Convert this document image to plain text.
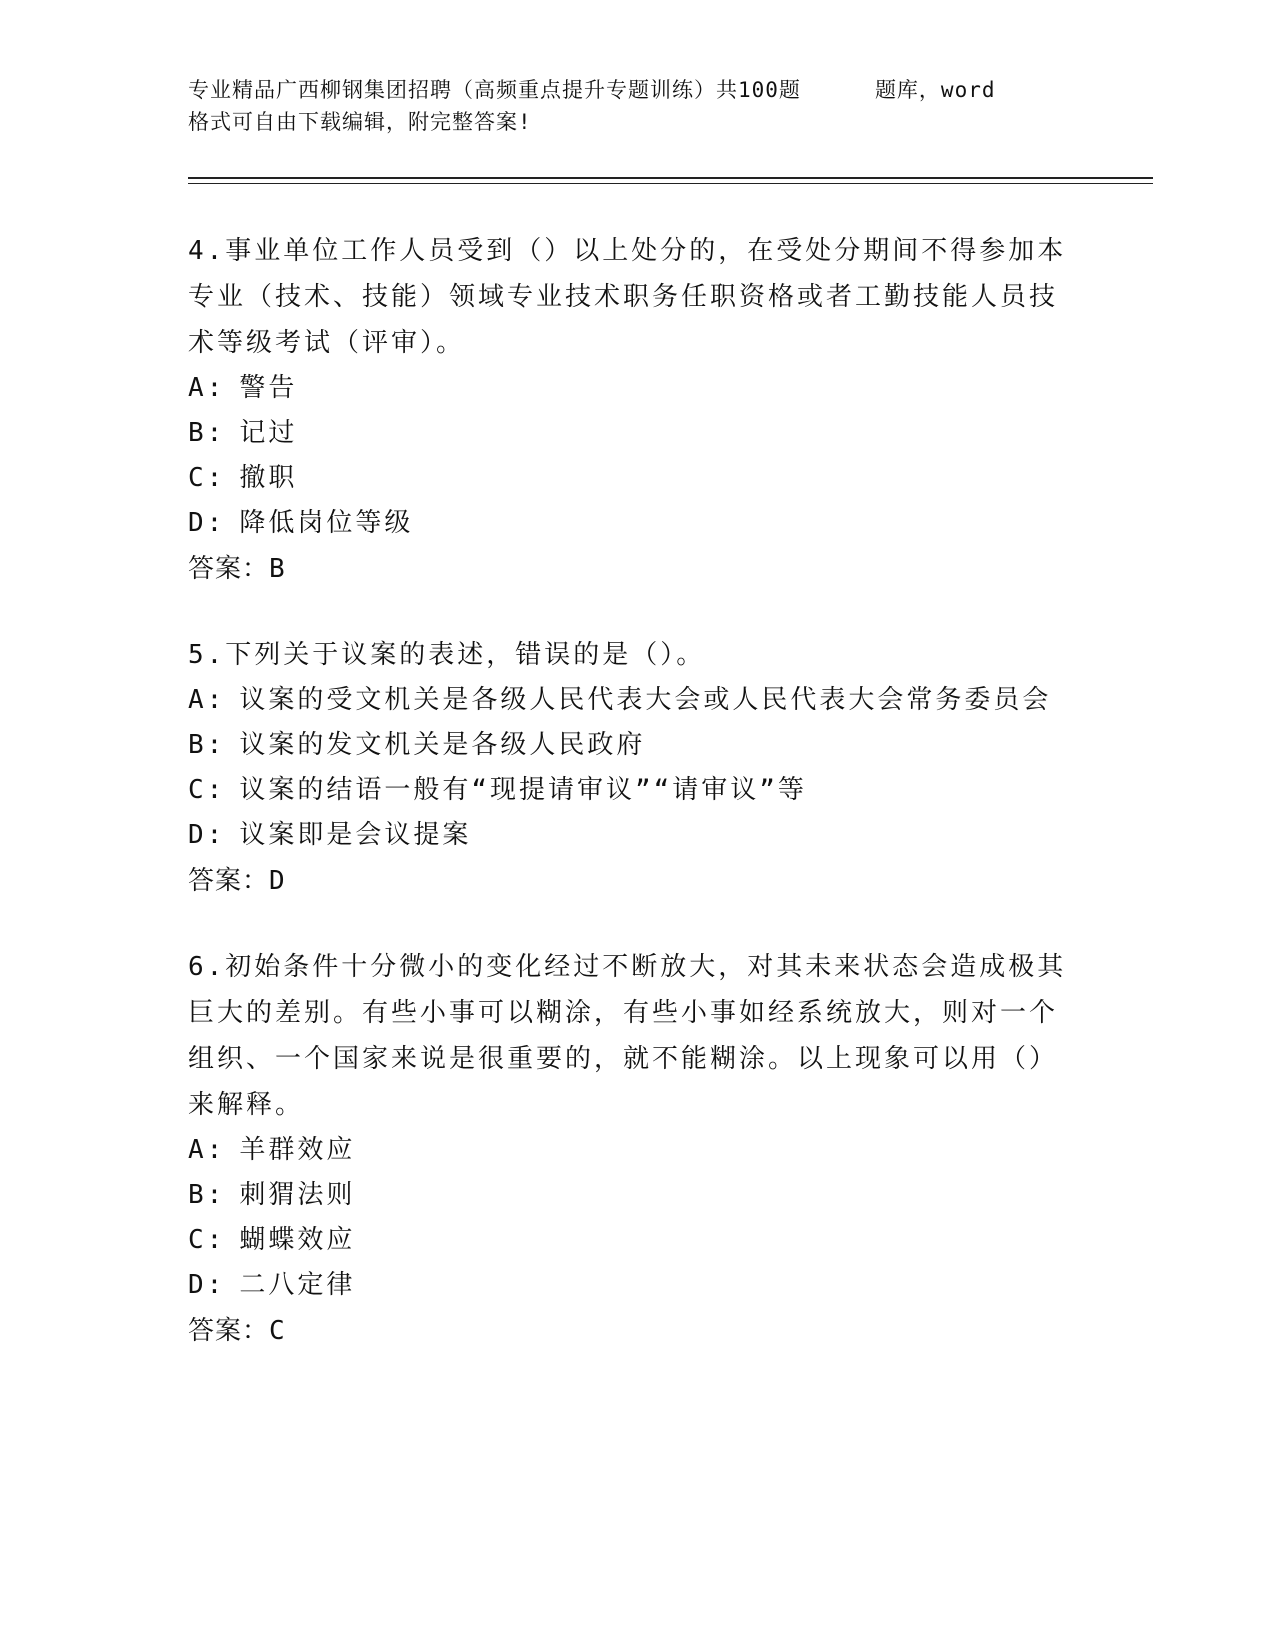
专业精品广西柳钢集团招聘（高频重点提升专题训练）共100题	题库，word
格式可自由下载编辑，附完整答案!
4.事业单位工作人员受到（）以上处分的，在受处分期间不得参加本专业（技术、技能）领域专业技术职务任职资格或者工勤技能人员技术等级考试（评审）。
A: 警告
B: 记过
C: 撤职
D: 降低岗位等级
答案：B
5.下列关于议案的表述，错误的是（）。
A: 议案的受文机关是各级人民代表大会或人民代表大会常务委员会
B: 议案的发文机关是各级人民政府
C: 议案的结语一般有“现提请审议”“请审议”等
D: 议案即是会议提案
答案：D
6.初始条件十分微小的变化经过不断放大，对其未来状态会造成极其巨大的差别。有些小事可以糊涂，有些小事如经系统放大，则对一个组织、一个国家来说是很重要的，就不能糊涂。以上现象可以用（）来解释。
A: 羊群效应
B: 刺猬法则
C: 蝴蝶效应
D: 二八定律
答案：C
